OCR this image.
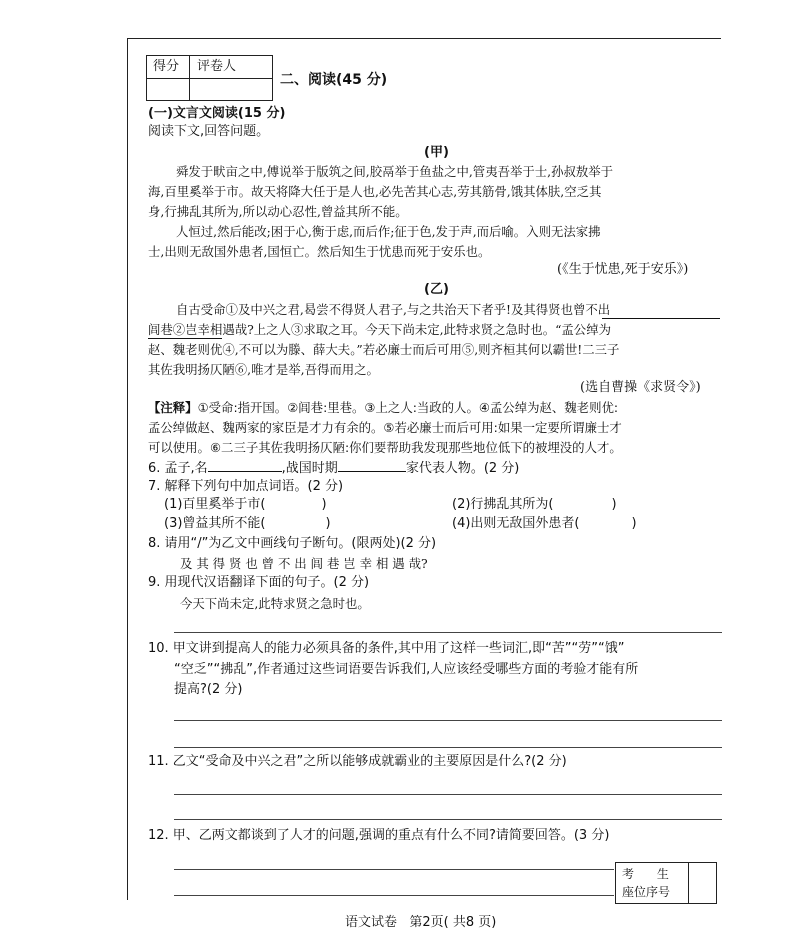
得分 评卷人
二、阅读(45 分)
(一)文言文阅读(15 分)
阅读下文,回答问题。
(甲)
舜发于畎亩之中,傅说举于版筑之间,胶鬲举于鱼盐之中,管夷吾举于士,孙叔敖举于
海,百里奚举于市。故天将降大任于是人也,必先苦其心志,劳其筋骨,饿其体肤,空乏其
身,行拂乱其所为,所以动心忍性,曾益其所不能。
人恒过,然后能改;困于心,衡于虑,而后作;征于色,发于声,而后喻。入则无法家拂
士,出则无敌国外患者,国恒亡。然后知生于忧患而死于安乐也。
(《生于忧患,死于安乐》)
(乙)
自古受命①及中兴之君,曷尝不得贤人君子,与之共治天下者乎!及其得贤也曾不出
闾巷②岂幸相遇哉?上之人③求取之耳。今天下尚未定,此特求贤之急时也。“孟公绰为
赵、魏老则优④,不可以为滕、薛大夫。”若必廉士而后可用⑤,则齐桓其何以霸世!二三子
其佐我明扬仄陋⑥,唯才是举,吾得而用之。
(选自曹操《求贤令》)
【注释】①受命:指开国。②闾巷:里巷。③上之人:当政的人。④孟公绰为赵、魏老则优:
孟公绰做赵、魏两家的家臣是才力有余的。⑤若必廉士而后可用:如果一定要所谓廉士才
可以使用。⑥二三子其佐我明扬仄陋:你们要帮助我发现那些地位低下的被埋没的人才。
6. 孟子,名	,战国时期	家代表人物。(2 分)
7. 解释下列句中加点词语。(2 分)
(1)百里奚举于市(	)	(2)行拂乱其所为(	)
(3)曾益其所不能(	)	(4)出则无敌国外患者(	)
8. 请用“/”为乙文中画线句子断句。(限两处)(2 分)
及 其 得 贤 也 曾 不 出 闾 巷 岂 幸 相 遇 哉?
9. 用现代汉语翻译下面的句子。(2 分)
今天下尚未定,此特求贤之急时也。
10. 甲文讲到提高人的能力必须具备的条件,其中用了这样一些词汇,即“苦”“劳”“饿”
“空乏”“拂乱”,作者通过这些词语要告诉我们,人应该经受哪些方面的考验才能有所
提高?(2 分)
11. 乙文“受命及中兴之君”之所以能够成就霸业的主要原因是什么?(2 分)
12. 甲、乙两文都谈到了人才的问题,强调的重点有什么不同?请简要回答。(3 分)
考      生
座位序号
语文试卷   第2页( 共8 页)
